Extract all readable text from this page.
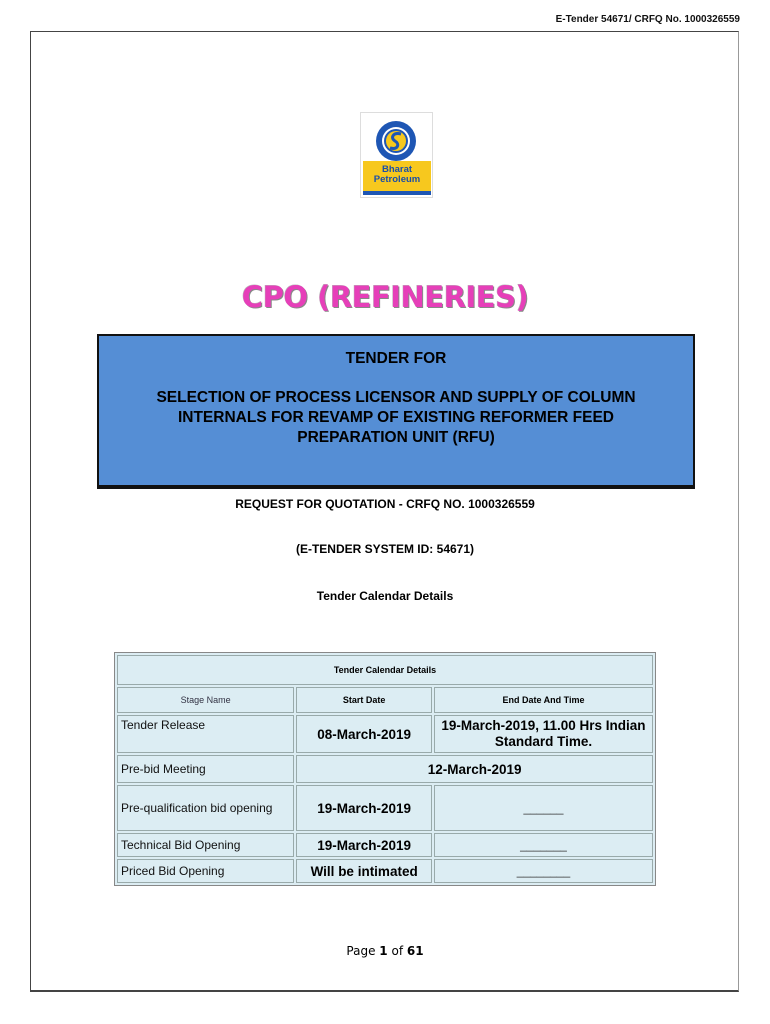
E-Tender 54671/ CRFQ No. 1000326559
Bharat
Petroleum
CPO (REFINERIES)
TENDER FOR
SELECTION OF PROCESS LICENSOR AND SUPPLY OF COLUMN
INTERNALS FOR REVAMP OF EXISTING REFORMER FEED
PREPARATION UNIT (RFU)
REQUEST FOR QUOTATION - CRFQ NO. 1000326559
(E-TENDER SYSTEM ID: 54671)
Tender Calendar Details
Tender Calendar Details		
Stage Name	Start Date	End Date And Time
Tender Release	08-March-2019	19-March-2019, 11.00 Hrs Indian
Standard Time.

Pre-bid Meeting	12-March-2019	
Pre-qualification bid opening	19-March-2019	______
Technical Bid Opening	19-March-2019	_______
Priced Bid Opening	Will be intimated	________
Page 1 of 61
